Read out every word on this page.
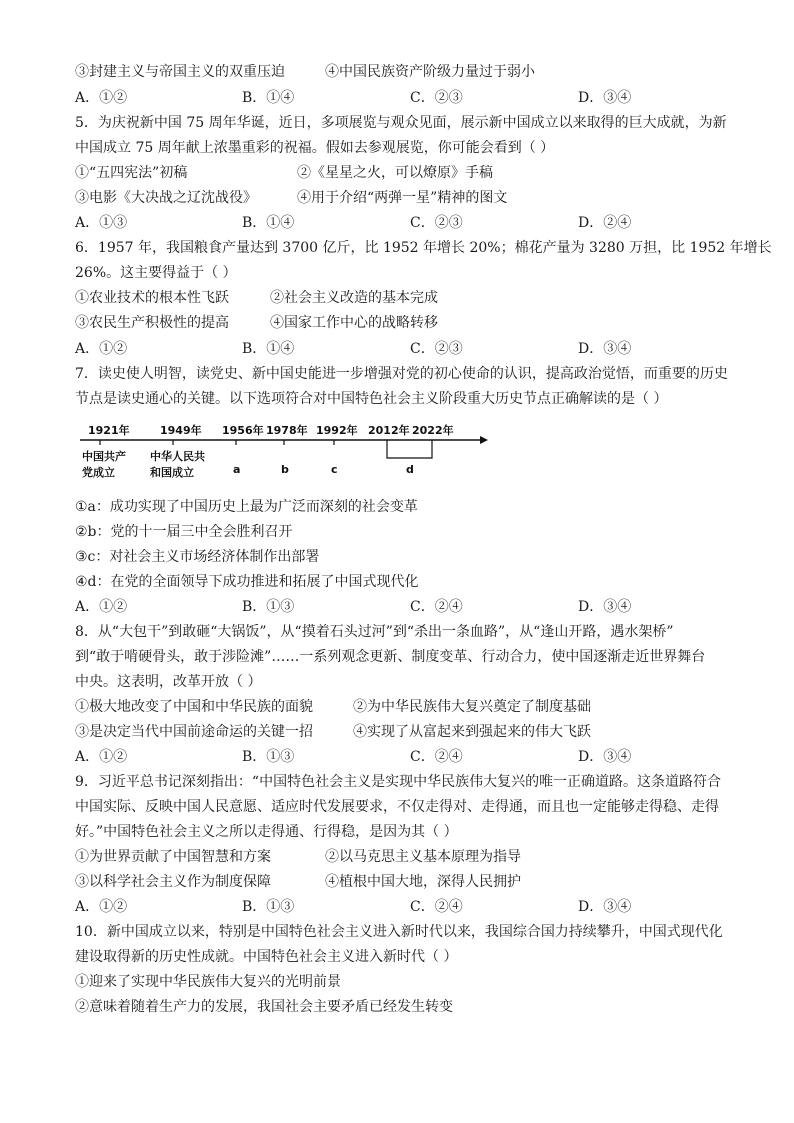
③封建主义与帝国主义的双重压迫	④中国民族资产阶级力量过于弱小
A．①②	B．①④	C．②③	D．③④
5．为庆祝新中国 75 周年华诞，近日，多项展览与观众见面，展示新中国成立以来取得的巨大成就，为新
中国成立 75 周年献上浓墨重彩的祝福。假如去参观展览，你可能会看到（ ）
①“五四宪法”初稿	②《星星之火，可以燎原》手稿
③电影《大决战之辽沈战役》	④用于介绍“两弹一星”精神的图文
A．①③	B．①④	C．②③	D．②④
6．1957 年，我国粮食产量达到 3700 亿斤，比 1952 年增长 20%；棉花产量为 3280 万担，比 1952 年增长
26%。这主要得益于（ ）
①农业技术的根本性飞跃	②社会主义改造的基本完成
③农民生产积极性的提高	④国家工作中心的战略转移
A．①②	B．①④	C．②③	D．③④
7．读史使人明智，读党史、新中国史能进一步增强对党的初心使命的认识，提高政治觉悟，而重要的历史
节点是读史通心的关键。以下选项符合对中国特色社会主义阶段重大历史节点正确解读的是（ ）
1921年	1949年 1956年 1978年 1992年 2012年 2022年
中国共产
党成立
中华人民共
和国成立	a	b	c	d
①a：成功实现了中国历史上最为广泛而深刻的社会变革
②b：党的十一届三中全会胜利召开
③c：对社会主义市场经济体制作出部署
④d：在党的全面领导下成功推进和拓展了中国式现代化
A．①②	B．①③	C．②④	D．③④
8．从“大包干”到敢砸“大锅饭”，从“摸着石头过河”到“杀出一条血路”，从“逢山开路，遇水架桥”
到“敢于啃硬骨头，敢于涉险滩”……一系列观念更新、制度变革、行动合力，使中国逐渐走近世界舞台
中央。这表明，改革开放（ ）
①极大地改变了中国和中华民族的面貌	②为中华民族伟大复兴奠定了制度基础
③是决定当代中国前途命运的关键一招	④实现了从富起来到强起来的伟大飞跃
A．①②	B．①③	C．②④	D．③④
9．习近平总书记深刻指出：“中国特色社会主义是实现中华民族伟大复兴的唯一正确道路。这条道路符合
中国实际、反映中国人民意愿、适应时代发展要求，不仅走得对、走得通，而且也一定能够走得稳、走得
好。”中国特色社会主义之所以走得通、行得稳，是因为其（ ）
①为世界贡献了中国智慧和方案	②以马克思主义基本原理为指导
③以科学社会主义作为制度保障	④植根中国大地，深得人民拥护
A．①②	B．①③	C．②④	D．③④
10．新中国成立以来，特别是中国特色社会主义进入新时代以来，我国综合国力持续攀升，中国式现代化
建设取得新的历史性成就。中国特色社会主义进入新时代（ ）
①迎来了实现中华民族伟大复兴的光明前景
②意味着随着生产力的发展，我国社会主要矛盾已经发生转变
